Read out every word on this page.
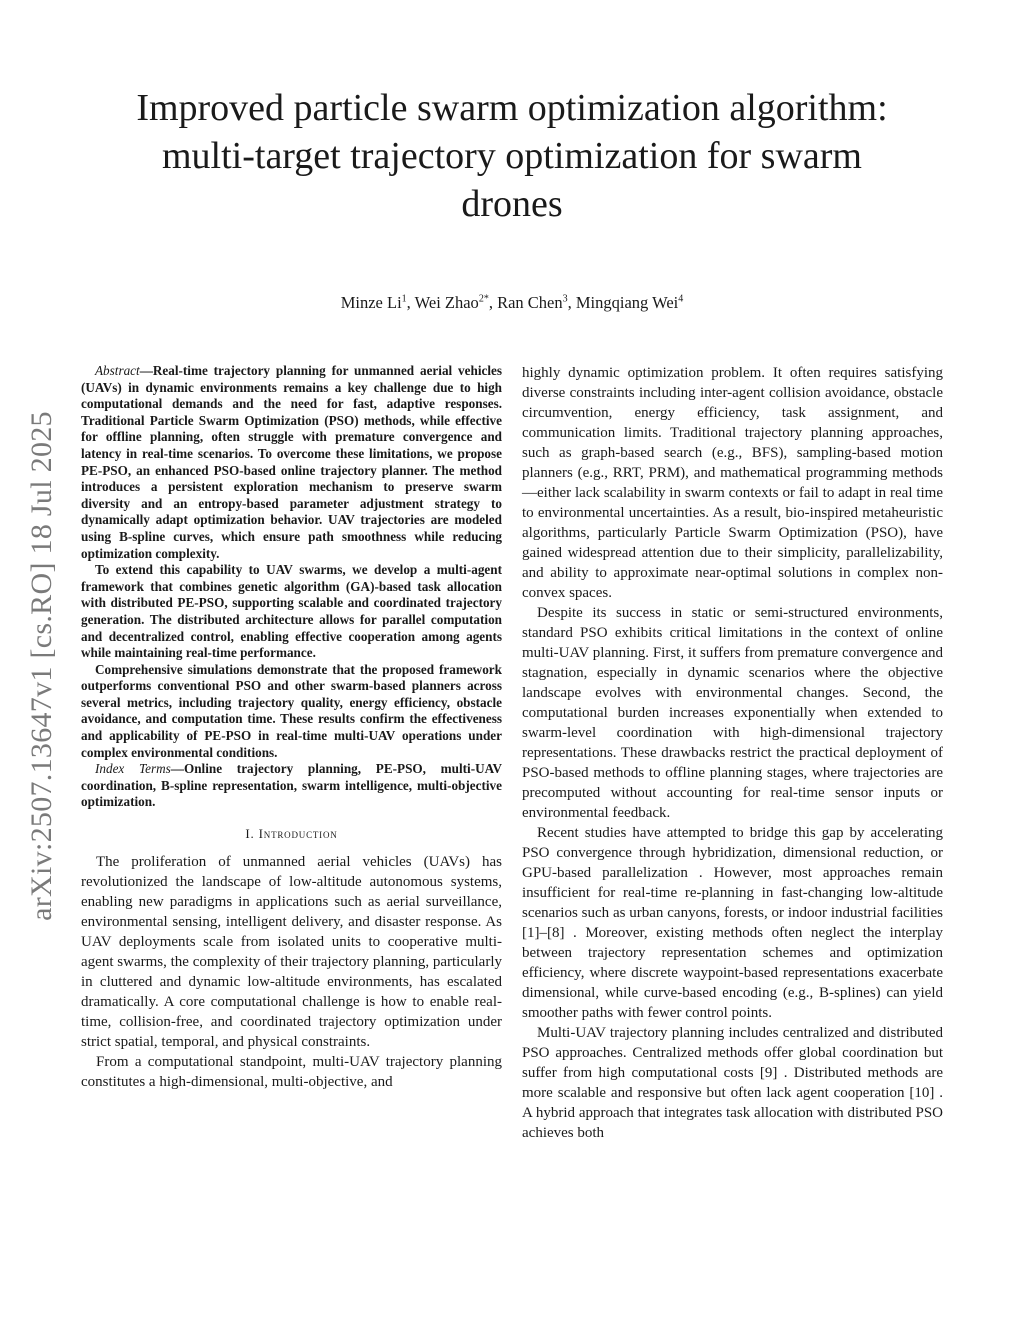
arXiv:2507.13647v1 [cs.RO] 18 Jul 2025
Improved particle swarm optimization algorithm:
multi-target trajectory optimization for swarm
drones
Minze Li$^1$, Wei Zhao$^{2*}$, Ran Chen$^3$, Mingqiang Wei$^4$

Abstract—Real-time trajectory planning for unmanned aerial vehicles (UAVs) in dynamic environments remains a key challenge due to high computational demands and the need for fast, adaptive responses. Traditional Particle Swarm Optimization (PSO) methods, while effective for offline planning, often struggle with premature convergence and latency in real-time scenarios. To overcome these limitations, we propose PE-PSO, an enhanced PSO-based online trajectory planner. The method introduces a persistent exploration mechanism to preserve swarm diversity and an entropy-based parameter adjustment strategy to dynamically adapt optimization behavior. UAV trajectories are modeled using B-spline curves, which ensure path smoothness while reducing optimization complexity.

To extend this capability to UAV swarms, we develop a multi-agent framework that combines genetic algorithm (GA)-based task allocation with distributed PE-PSO, supporting scalable and coordinated trajectory generation. The distributed architecture allows for parallel computation and decentralized control, enabling effective cooperation among agents while maintaining real-time performance.

Comprehensive simulations demonstrate that the proposed framework outperforms conventional PSO and other swarm-based planners across several metrics, including trajectory quality, energy efficiency, obstacle avoidance, and computation time. These results confirm the effectiveness and applicability of PE-PSO in real-time multi-UAV operations under complex environmental conditions.

Index Terms—Online trajectory planning, PE-PSO, multi-UAV coordination, B-spline representation, swarm intelligence, multi-objective optimization.

I. Introduction

The proliferation of unmanned aerial vehicles (UAVs) has revolutionized the landscape of low-altitude autonomous systems, enabling new paradigms in applications such as aerial surveillance, environmental sensing, intelligent delivery, and disaster response. As UAV deployments scale from isolated units to cooperative multi-agent swarms, the complexity of their trajectory planning, particularly in cluttered and dynamic low-altitude environments, has escalated dramatically. A core computational challenge is how to enable real-time, collision-free, and coordinated trajectory optimization under strict spatial, temporal, and physical constraints.

From a computational standpoint, multi-UAV trajectory planning constitutes a high-dimensional, multi-objective, and

highly dynamic optimization problem. It often requires satisfying diverse constraints including inter-agent collision avoidance, obstacle circumvention, energy efficiency, task assignment, and communication limits. Traditional trajectory planning approaches, such as graph-based search (e.g., BFS), sampling-based motion planners (e.g., RRT, PRM), and mathematical programming methods—either lack scalability in swarm contexts or fail to adapt in real time to environmental uncertainties. As a result, bio-inspired metaheuristic algorithms, particularly Particle Swarm Optimization (PSO), have gained widespread attention due to their simplicity, parallelizability, and ability to approximate near-optimal solutions in complex non-convex spaces.

Despite its success in static or semi-structured environments, standard PSO exhibits critical limitations in the context of online multi-UAV planning. First, it suffers from premature convergence and stagnation, especially in dynamic scenarios where the objective landscape evolves with environmental changes. Second, the computational burden increases exponentially when extended to swarm-level coordination with high-dimensional trajectory representations. These drawbacks restrict the practical deployment of PSO-based methods to offline planning stages, where trajectories are precomputed without accounting for real-time sensor inputs or environmental feedback.

Recent studies have attempted to bridge this gap by accelerating PSO convergence through hybridization, dimensional reduction, or GPU-based parallelization . However, most approaches remain insufficient for real-time re-planning in fast-changing low-altitude scenarios such as urban canyons, forests, or indoor industrial facilities [1]–[8] . Moreover, existing methods often neglect the interplay between trajectory representation schemes and optimization efficiency, where discrete waypoint-based representations exacerbate dimensional, while curve-based encoding (e.g., B-splines) can yield smoother paths with fewer control points.

Multi-UAV trajectory planning includes centralized and distributed PSO approaches. Centralized methods offer global coordination but suffer from high computational costs [9] . Distributed methods are more scalable and responsive but often lack agent cooperation [10] . A hybrid approach that integrates task allocation with distributed PSO achieves both
